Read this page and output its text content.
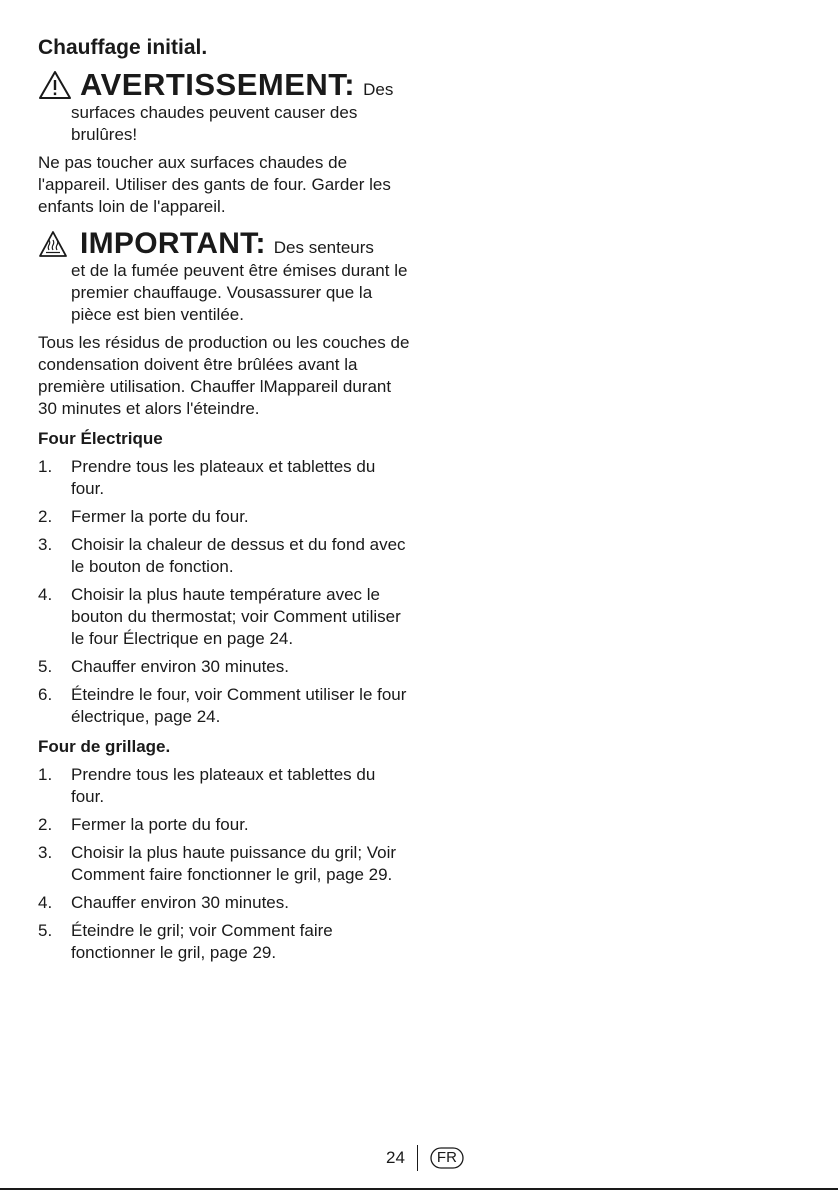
Chauffage initial.
AVERTISSEMENT: Des
surfaces chaudes peuvent causer des brulûres!
Ne pas toucher aux surfaces chaudes de l'appareil. Utiliser des gants de four. Garder les enfants loin de l'appareil.
IMPORTANT: Des senteurs
et de la fumée peuvent être émises durant le premier chauffauge. Vousassurer que la pièce est bien ventilée.
Tous les résidus de production ou les couches de condensation doivent être brûlées avant la première utilisation. Chauffer lMappareil durant 30 minutes et alors l'éteindre.
Four Électrique
1.	Prendre tous les plateaux et tablettes du four.
2.	Fermer la porte du four.
3.	Choisir la chaleur de dessus et du fond avec le bouton de fonction.
4.	Choisir la plus haute température avec le bouton du thermostat; voir Comment utiliser le four Électrique en page 24.
5.	Chauffer environ 30 minutes.
6.	Éteindre le four, voir Comment utiliser le four électrique, page 24.
Four de grillage.
1.	Prendre tous les plateaux et tablettes du four.
2.	Fermer la porte du four.
3.	Choisir la plus haute puissance du gril; Voir Comment faire fonctionner le gril, page 29.
4.	Chauffer environ 30 minutes.
5.	Éteindre le gril; voir Comment faire fonctionner le gril, page 29.
24	FR
